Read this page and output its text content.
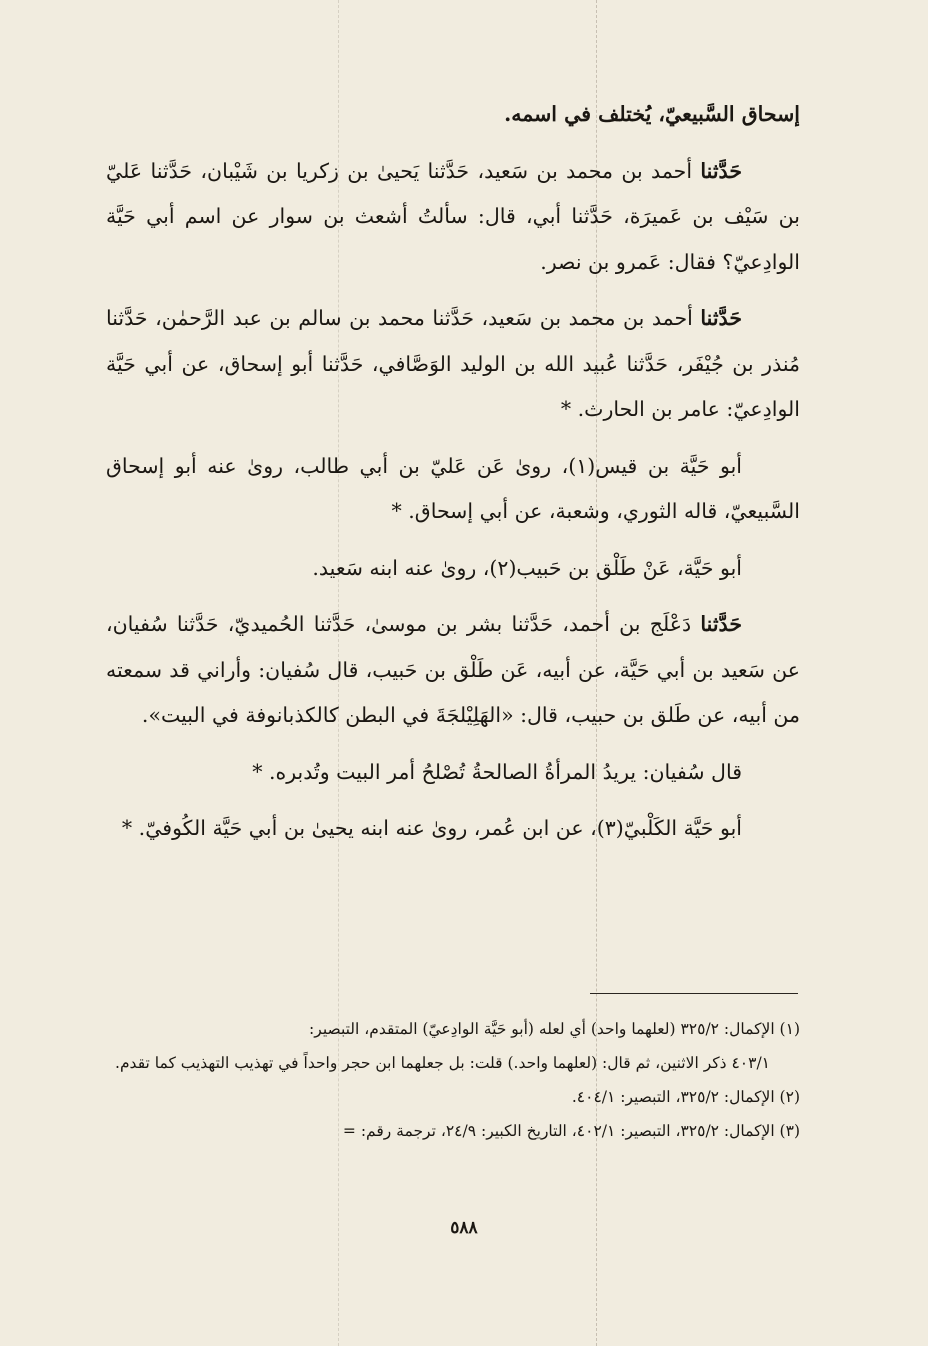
إسحاق السَّبيعيّ، يُختلف في اسمه.

حَدَّثنا أحمد بن محمد بن سَعيد، حَدَّثنا يَحيىٰ بن زكريا بن شَيْبان، حَدَّثنا عَليّ بن سَيْف بن عَميرَة، حَدَّثنا أبي، قال: سألتُ أشعث بن سوار عن اسم أبي حَيَّة الوادِعيّ؟ فقال: عَمرو بن نصر.

حَدَّثنا أحمد بن محمد بن سَعيد، حَدَّثنا محمد بن سالم بن عبد الرَّحمٰن، حَدَّثنا مُنذر بن جُيْفَر، حَدَّثنا عُبيد الله بن الوليد الوَصَّافي، حَدَّثنا أبو إسحاق، عن أبي حَيَّة الوادِعيّ: عامر بن الحارث. *

أبو حَيَّة بن قيس(١)، روىٰ عَن عَليّ بن أبي طالب، روىٰ عنه أبو إسحاق السَّبيعيّ، قاله الثوري، وشعبة، عن أبي إسحاق. *

أبو حَيَّة، عَنْ طَلْق بن حَبيب(٢)، روىٰ عنه ابنه سَعيد.

حَدَّثنا دَعْلَج بن أحمد، حَدَّثنا بشر بن موسىٰ، حَدَّثنا الحُميديّ، حَدَّثنا سُفيان، عن سَعيد بن أبي حَيَّة، عن أبيه، عَن طَلْق بن حَبيب، قال سُفيان: وأراني قد سمعته من أبيه، عن طَلق بن حبيب، قال: «الهَلِيْلجَةَ في البطن كالكذبانوفة في البيت».

قال سُفيان: يريدُ المرأةُ الصالحةُ تُصْلحُ أمر البيت وتُدبره. *

أبو حَيَّة الكَلْبيّ(٣)، عن ابن عُمر، روىٰ عنه ابنه يحيىٰ بن أبي حَيَّة الكُوفيّ. *

(١) الإكمال: ٣٢٥/٢ (لعلهما واحد) أي لعله (أبو حَيَّة الوادِعيّ) المتقدم، التبصير:

٤٠٣/١ ذكر الاثنين، ثم قال: (لعلهما واحد.) قلت: بل جعلهما ابن حجر واحداً في تهذيب التهذيب كما تقدم.

(٢) الإكمال: ٣٢٥/٢، التبصير: ٤٠٤/١.

(٣) الإكمال: ٣٢٥/٢، التبصير: ٤٠٢/١، التاريخ الكبير: ٢٤/٩، ترجمة رقم: =

٥٨٨
